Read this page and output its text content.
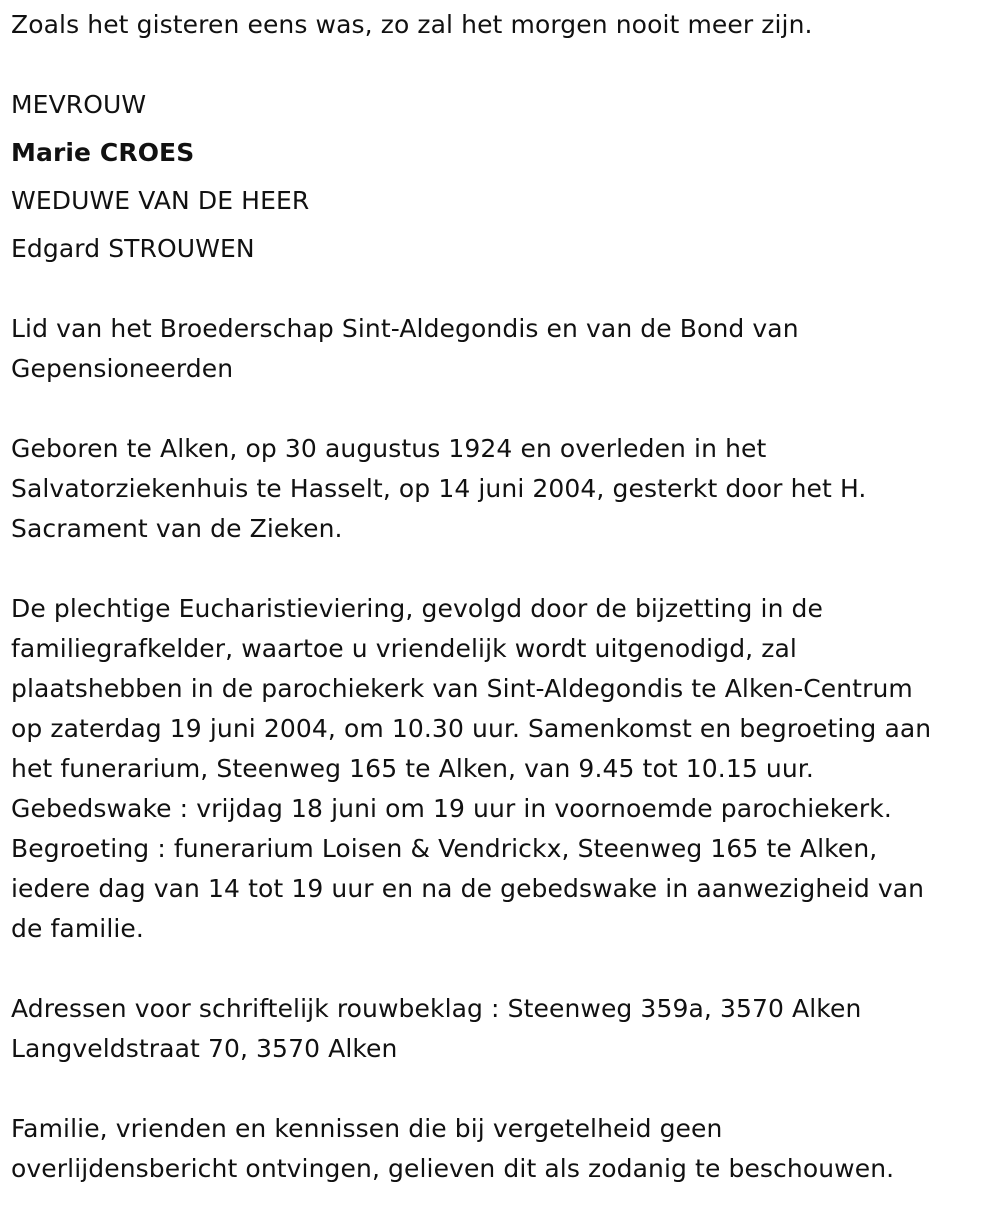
Zoals het gisteren eens was, zo zal het morgen nooit meer zijn.
MEVROUW
Marie CROES
WEDUWE VAN DE HEER
Edgard STROUWEN
Lid van het Broederschap Sint-Aldegondis en van de Bond van
Gepensioneerden
Geboren te Alken, op 30 augustus 1924 en overleden in het
Salvatorziekenhuis te Hasselt, op 14 juni 2004, gesterkt door het H.
Sacrament van de Zieken.
De plechtige Eucharistieviering, gevolgd door de bijzetting in de
familiegrafkelder, waartoe u vriendelijk wordt uitgenodigd, zal
plaatshebben in de parochiekerk van Sint-Aldegondis te Alken-Centrum
op zaterdag 19 juni 2004, om 10.30 uur. Samenkomst en begroeting aan
het funerarium, Steenweg 165 te Alken, van 9.45 tot 10.15 uur.
Gebedswake : vrijdag 18 juni om 19 uur in voornoemde parochiekerk.
Begroeting : funerarium Loisen & Vendrickx, Steenweg 165 te Alken,
iedere dag van 14 tot 19 uur en na de gebedswake in aanwezigheid van
de familie.
Adressen voor schriftelijk rouwbeklag : Steenweg 359a, 3570 Alken
Langveldstraat 70, 3570 Alken
Familie, vrienden en kennissen die bij vergetelheid geen
overlijdensbericht ontvingen, gelieven dit als zodanig te beschouwen.
